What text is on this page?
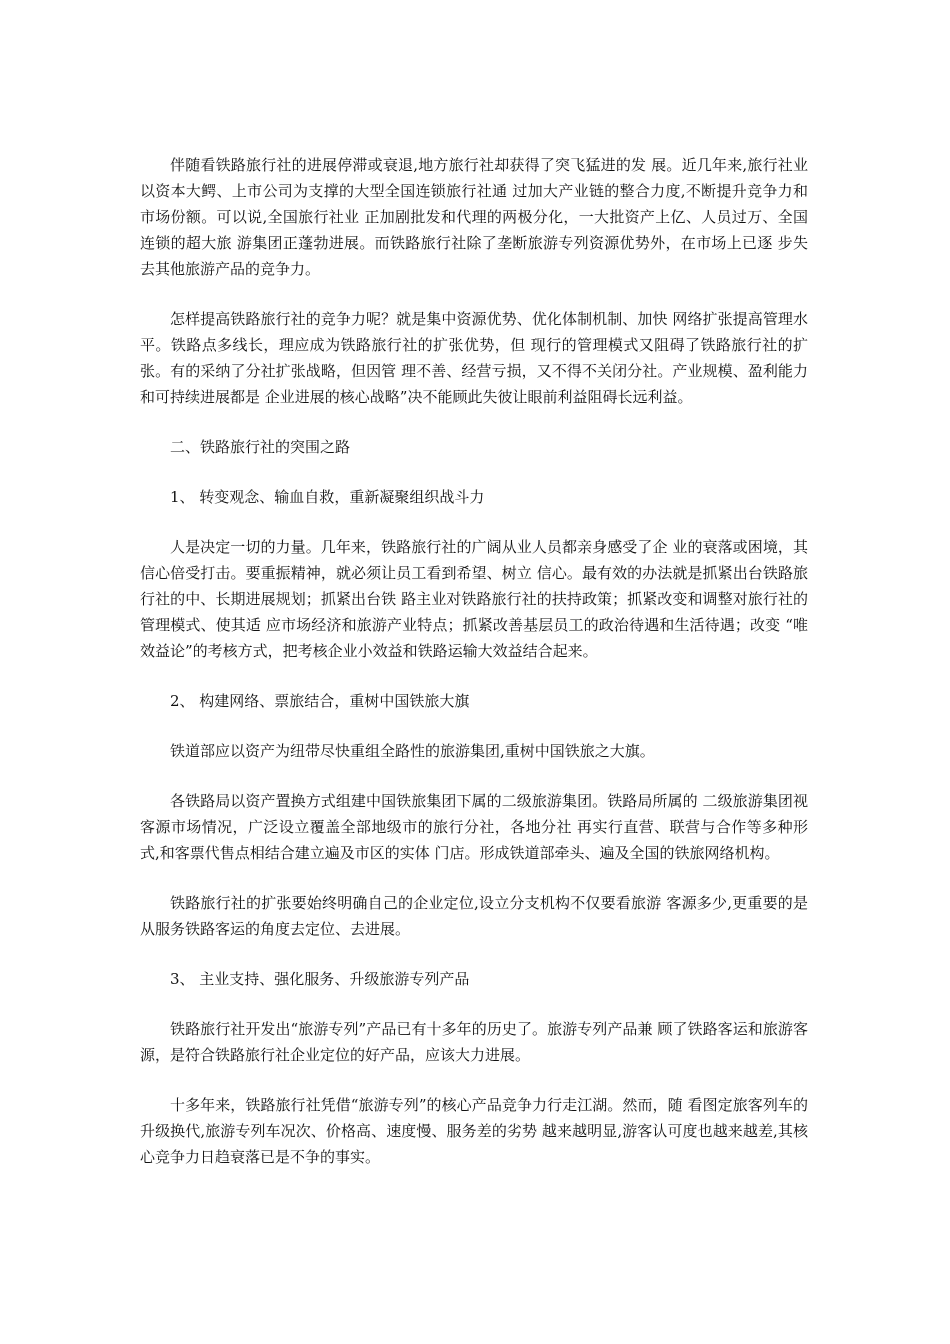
伴随看铁路旅行社的进展停滞或衰退,地方旅行社却获得了突飞猛进的发 展。近几年来,旅行社业以资本大鳄、上市公司为支撑的大型全国连锁旅行社通 过加大产业链的整合力度,不断提升竞争力和市场份额。可以说,全国旅行社业 正加剧批发和代理的两极分化，一大批资产上亿、人员过万、全国连锁的超大旅 游集团正蓬勃进展。而铁路旅行社除了垄断旅游专列资源优势外，在市场上已逐 步失去其他旅游产品的竞争力。

怎样提高铁路旅行社的竞争力呢？就是集中资源优势、优化体制机制、加快 网络扩张提高管理水平。铁路点多线长，理应成为铁路旅行社的扩张优势，但 现行的管理模式又阻碍了铁路旅行社的扩张。有的采纳了分社扩张战略，但因管 理不善、经营亏损，又不得不关闭分社。产业规模、盈利能力和可持续进展都是 企业进展的核心战略”决不能顾此失彼让眼前利益阻碍长远利益。

二、铁路旅行社的突围之路

1、 转变观念、输血自救，重新凝聚组织战斗力

人是决定一切的力量。几年来，铁路旅行社的广阔从业人员都亲身感受了企 业的衰落或困境，其信心倍受打击。要重振精神，就必须让员工看到希望、树立 信心。最有效的办法就是抓紧出台铁路旅行社的中、长期进展规划；抓紧出台铁 路主业对铁路旅行社的扶持政策；抓紧改变和调整对旅行社的管理模式、使其适 应市场经济和旅游产业特点；抓紧改善基层员工的政治待遇和生活待遇；改变 “唯效益论”的考核方式，把考核企业小效益和铁路运输大效益结合起来。

2、 构建网络、票旅结合，重树中国铁旅大旗

铁道部应以资产为纽带尽快重组全路性的旅游集团,重树中国铁旅之大旗。

各铁路局以资产置换方式组建中国铁旅集团下属的二级旅游集团。铁路局所属的 二级旅游集团视客源市场情况，广泛设立覆盖全部地级市的旅行分社，各地分社 再实行直营、联营与合作等多种形式,和客票代售点相结合建立遍及市区的实体 门店。形成铁道部牵头、遍及全国的铁旅网络机构。

铁路旅行社的扩张要始终明确自己的企业定位,设立分支机构不仅要看旅游 客源多少,更重要的是从服务铁路客运的角度去定位、去进展。

3、 主业支持、强化服务、升级旅游专列产品

铁路旅行社开发出“旅游专列”产品已有十多年的历史了。旅游专列产品兼 顾了铁路客运和旅游客源，是符合铁路旅行社企业定位的好产品，应该大力进展。

十多年来，铁路旅行社凭借“旅游专列”的核心产品竞争力行走江湖。然而，随 看图定旅客列车的升级换代,旅游专列车况次、价格高、速度慢、服务差的劣势 越来越明显,游客认可度也越来越差,其核心竞争力日趋衰落已是不争的事实。
